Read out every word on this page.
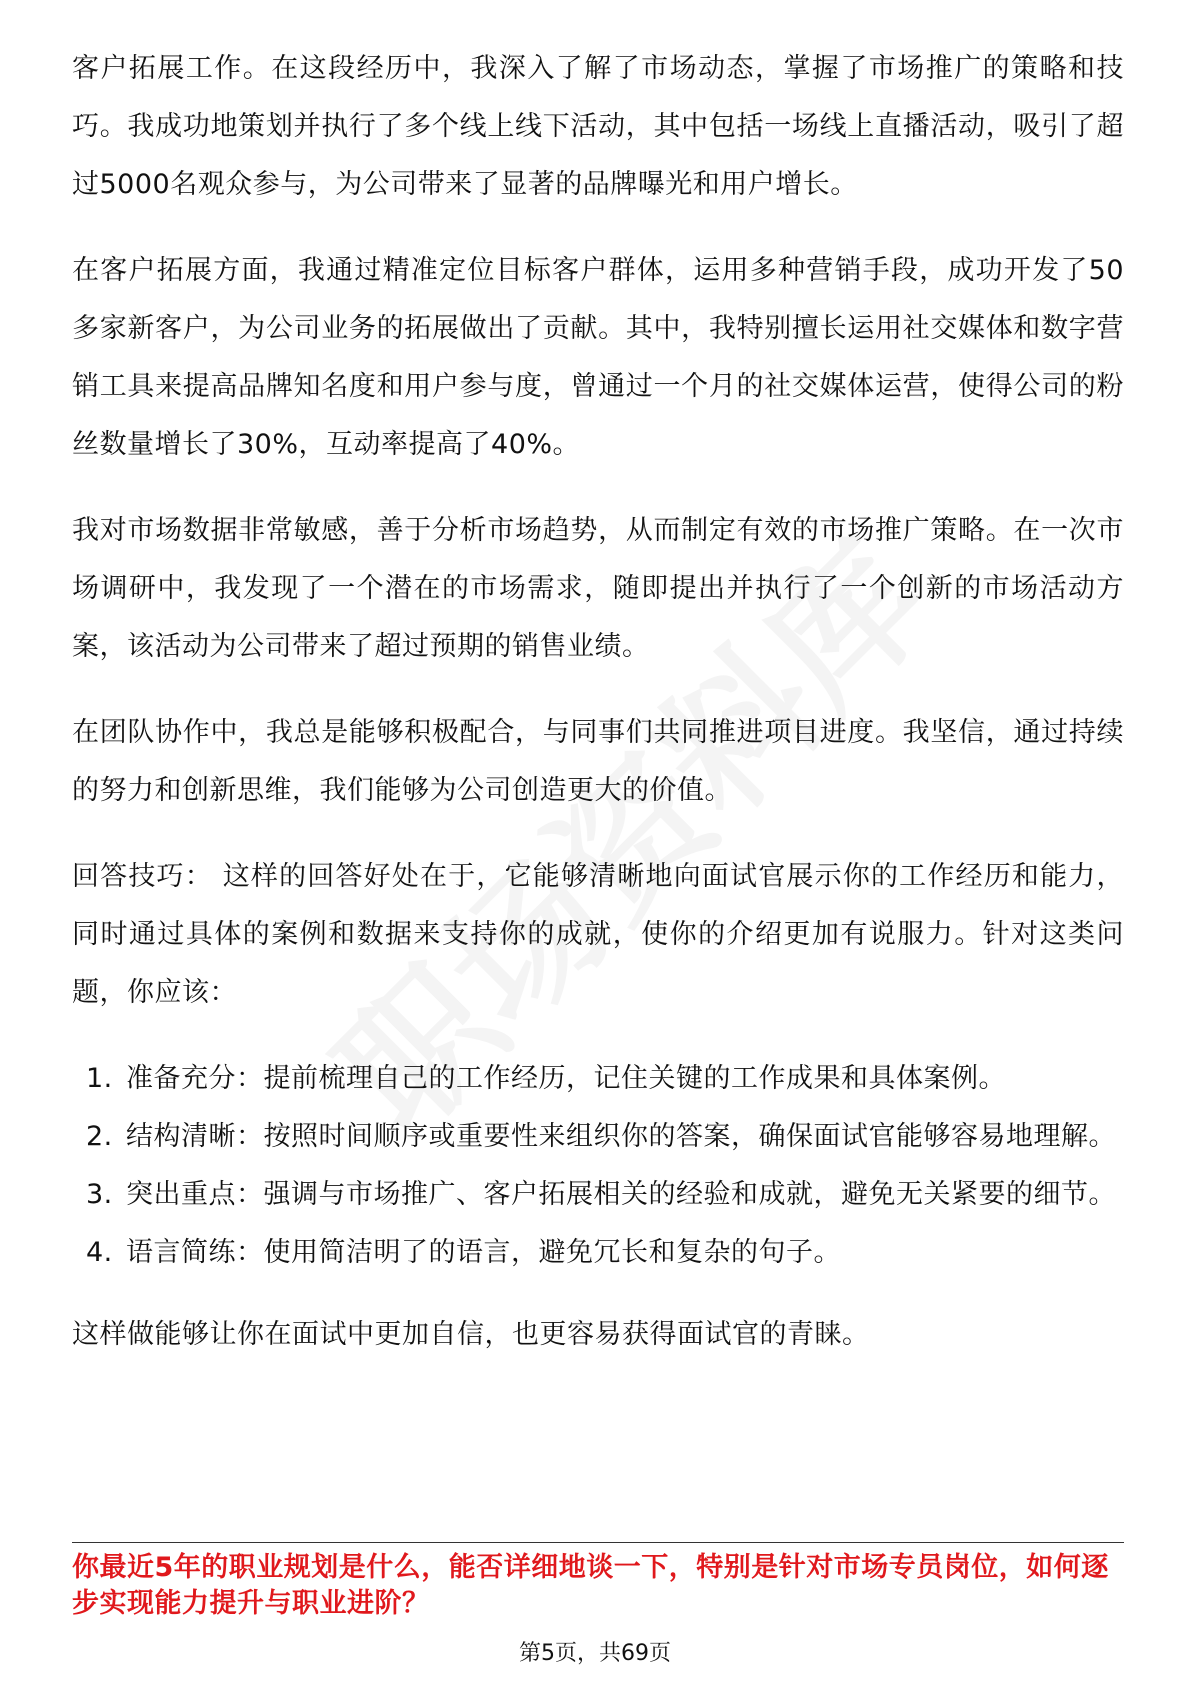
客户拓展工作。在这段经历中，我深入了解了市场动态，掌握了市场推广的策略和技巧。我成功地策划并执行了多个线上线下活动，其中包括一场线上直播活动，吸引了超过5000名观众参与，为公司带来了显著的品牌曝光和用户增长。

在客户拓展方面，我通过精准定位目标客户群体，运用多种营销手段，成功开发了50多家新客户，为公司业务的拓展做出了贡献。其中，我特别擅长运用社交媒体和数字营销工具来提高品牌知名度和用户参与度，曾通过一个月的社交媒体运营，使得公司的粉丝数量增长了30%，互动率提高了40%。

我对市场数据非常敏感，善于分析市场趋势，从而制定有效的市场推广策略。在一次市场调研中，我发现了一个潜在的市场需求，随即提出并执行了一个创新的市场活动方案，该活动为公司带来了超过预期的销售业绩。

在团队协作中，我总是能够积极配合，与同事们共同推进项目进度。我坚信，通过持续的努力和创新思维，我们能够为公司创造更大的价值。

回答技巧： 这样的回答好处在于，它能够清晰地向面试官展示你的工作经历和能力，同时通过具体的案例和数据来支持你的成就，使你的介绍更加有说服力。针对这类问题，你应该：

1. 准备充分：提前梳理自己的工作经历，记住关键的工作成果和具体案例。
2. 结构清晰：按照时间顺序或重要性来组织你的答案，确保面试官能够容易地理解。
3. 突出重点：强调与市场推广、客户拓展相关的经验和成就，避免无关紧要的细节。
4. 语言简练：使用简洁明了的语言，避免冗长和复杂的句子。

这样做能够让你在面试中更加自信，也更容易获得面试官的青睐。

你最近5年的职业规划是什么，能否详细地谈一下，特别是针对市场专员岗位，如何逐步实现能力提升与职业进阶？
第5页，共69页
